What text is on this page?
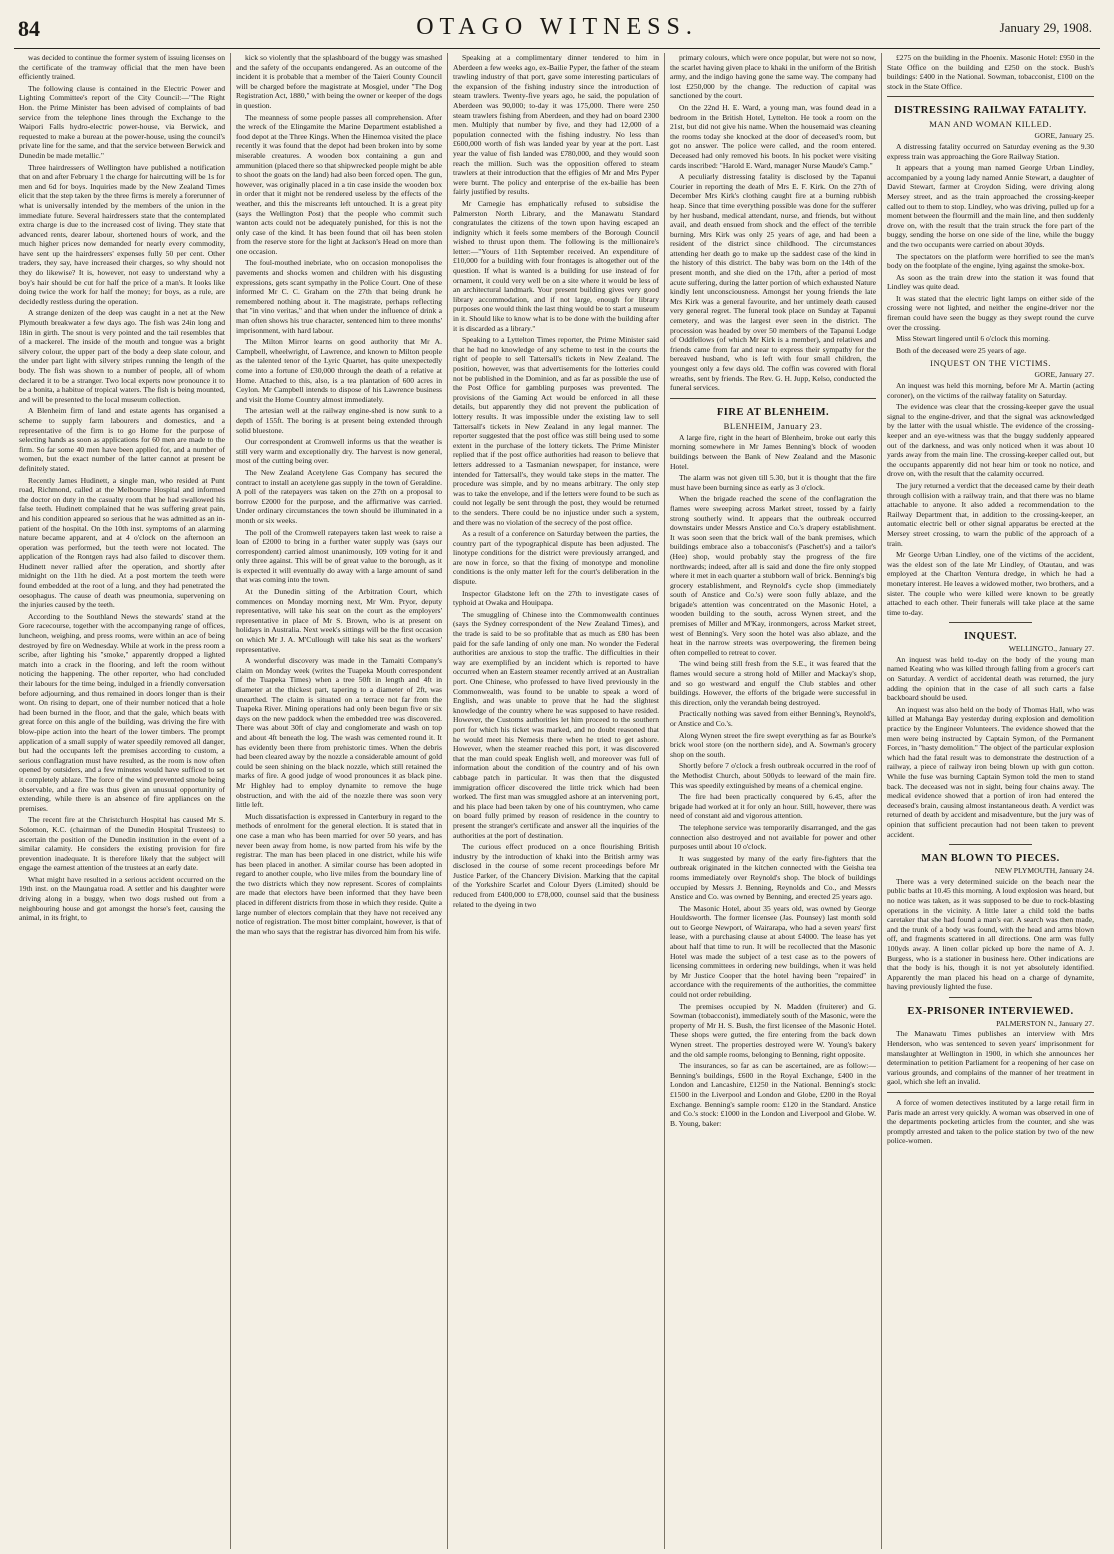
84	OTAGO WITNESS.	January 29, 1908.

was decided to continue the former system of issuing licenses on the certificate of the tramway official that the men have been efficiently trained.

The following clause is contained in the Electric Power and Lighting Committee's report of the City Council:—"The Right Hon. the Prime Minister has been advised of complaints of bad service from the telephone lines through the Exchange to the Waipori Falls hydro-electric power-house, via Berwick, and requested to make a bureau at the power-house, using the council's private line for the same, and that the service between Berwick and Dunedin be made metallic."

Three hairdressers of Wellington have published a notification that on and after February 1 the charge for haircutting will be 1s for men and 6d for boys. Inquiries made by the New Zealand Times elicit that the step taken by the three firms is merely a forerunner of what is universally intended by the members of the union in the immediate future. Several hairdressers state that the contemplated extra charge is due to the increased cost of living. They state that advanced rents, dearer labour, shortened hours of work, and the much higher prices now demanded for nearly every commodity, have sent up the hairdressers' expenses fully 50 per cent. Other traders, they say, have increased their charges, so why should not they do likewise? It is, however, not easy to understand why a boy's hair should be cut for half the price of a man's. It looks like doing twice the work for half the money; for boys, as a rule, are decidedly restless during the operation.

A strange denizen of the deep was caught in a net at the New Plymouth breakwater a few days ago. The fish was 24in long and 18in in girth. The snout is very pointed and the tail resembles that of a mackerel. The inside of the mouth and tongue was a bright silvery colour, the upper part of the body a deep slate colour, and the under part light with silvery stripes running the length of the body. The fish was shown to a number of people, all of whom declared it to be a stranger. Two local experts now pronounce it to be a bonita, a habitue of tropical waters. The fish is being mounted, and will be presented to the local museum collection.

A Blenheim firm of land and estate agents has organised a scheme to supply farm labourers and domestics, and a representative of the firm is to go Home for the purpose of selecting hands as soon as applications for 60 men are made to the firm. So far some 40 men have been applied for, and a number of women, but the exact number of the latter cannot at present be definitely stated.

Recently James Hudinett, a single man, who resided at Punt road, Richmond, called at the Melbourne Hospital and informed the doctor on duty in the casualty room that he had swallowed his false teeth. Hudinett complained that he was suffering great pain, and his condition appeared so serious that he was admitted as an in-patient of the hospital. On the 10th inst. symptoms of an alarming nature became apparent, and at 4 o'clock on the afternoon an operation was performed, but the teeth were not located. The application of the Rontgen rays had also failed to discover them. Hudinett never rallied after the operation, and shortly after midnight on the 11th he died. At a post mortem the teeth were found embedded at the root of a lung, and they had penetrated the oesophagus. The cause of death was pneumonia, supervening on the injuries caused by the teeth.

According to the Southland News the stewards' stand at the Gore racecourse, together with the accompanying range of offices, luncheon, weighing, and press rooms, were within an ace of being destroyed by fire on Wednesday. While at work in the press room a scribe, after lighting his "smoke," apparently dropped a lighted match into a crack in the flooring, and left the room without noticing the happening. The other reporter, who had concluded their labours for the time being, indulged in a friendly conversation before adjourning, and thus remained in doors longer than is their wont. On rising to depart, one of their number noticed that a hole had been burned in the floor, and that the gale, which beats with great force on this angle of the building, was driving the fire with blow-pipe action into the heart of the lower timbers. The prompt application of a small supply of water speedily removed all danger, but had the occupants left the premises according to custom, a serious conflagration must have resulted, as the room is now often opened by outsiders, and a few minutes would have sufficed to set it completely ablaze. The force of the wind prevented smoke being observable, and a fire was thus given an unusual opportunity of extending, while there is an absence of fire appliances on the premises.

The recent fire at the Christchurch Hospital has caused Mr S. Solomon, K.C. (chairman of the Dunedin Hospital Trustees) to ascertain the position of the Dunedin institution in the event of a similar calamity. He considers the existing provision for fire prevention inadequate. It is therefore likely that the subject will engage the earnest attention of the trustees at an early date.

What might have resulted in a serious accident occurred on the 19th inst. on the Maungatua road. A settler and his daughter were driving along in a buggy, when two dogs rushed out from a neighbouring house and got amongst the horse's feet, causing the animal, in its fright, to

kick so violently that the splashboard of the buggy was smashed and the safety of the occupants endangered. As an outcome of the incident it is probable that a member of the Taieri County Council will be charged before the magistrate at Mosgiel, under "The Dog Registration Act, 1880," with being the owner or keeper of the dogs in question.

The meanness of some people passes all comprehension. After the wreck of the Elingamite the Marine Department established a food depot at the Three Kings. When the Hinemoa visited the place recently it was found that the depot had been broken into by some miserable creatures. A wooden box containing a gun and ammunition (placed there so that shipwrecked people might be able to shoot the goats on the land) had also been forced open. The gun, however, was originally placed in a tin case inside the wooden box in order that it might not be rendered useless by the effects of the weather, and this the miscreants left untouched. It is a great pity (says the Wellington Post) that the people who commit such wanton acts could not be adequately punished, for this is not the only case of the kind. It has been found that oil has been stolen from the reserve store for the light at Jackson's Head on more than one occasion.

The foul-mouthed inebriate, who on occasion monopolises the pavements and shocks women and children with his disgusting expressions, gets scant sympathy in the Police Court. One of these informed Mr C. C. Graham on the 27th that being drunk he remembered nothing about it. The magistrate, perhaps reflecting that "in vino veritas," and that when under the influence of drink a man often shows his true character, sentenced him to three months' imprisonment, with hard labour.

The Milton Mirror learns on good authority that Mr A. Campbell, wheelwright, of Lawrence, and known to Milton people as the talented tenor of the Lyric Quartet, has quite unexpectedly come into a fortune of £30,000 through the death of a relative at Home. Attached to this, also, is a tea plantation of 600 acres in Ceylon. Mr Campbell intends to dispose of his Lawrence business and visit the Home Country almost immediately.

The artesian well at the railway engine-shed is now sunk to a depth of 155ft. The boring is at present being extended through solid bluestone.

Our correspondent at Cromwell informs us that the weather is still very warm and exceptionally dry. The harvest is now general, most of the cutting being over.

The New Zealand Acetylene Gas Company has secured the contract to install an acetylene gas supply in the town of Geraldine. A poll of the ratepayers was taken on the 27th on a proposal to borrow £2000 for the purpose, and the affirmative was carried. Under ordinary circumstances the town should be illuminated in a month or six weeks.

The poll of the Cromwell ratepayers taken last week to raise a loan of £2000 to bring in a further water supply was (says our correspondent) carried almost unanimously, 109 voting for it and only three against. This will be of great value to the borough, as it is expected it will eventually do away with a large amount of sand that was coming into the town.

At the Dunedin sitting of the Arbitration Court, which commences on Monday morning next, Mr Wm. Pryor, deputy representative, will take his seat on the court as the employers' representative in place of Mr S. Brown, who is at present on holidays in Australia. Next week's sittings will be the first occasion on which Mr J. A. M'Cullough will take his seat as the workers' representative.

A wonderful discovery was made in the Tamaiti Company's claim on Monday week (writes the Tuapeka Mouth correspondent of the Tuapeka Times) when a tree 50ft in length and 4ft in diameter at the thickest part, tapering to a diameter of 2ft, was unearthed. The claim is situated on a terrace not far from the Tuapeka River. Mining operations had only been begun five or six days on the new paddock when the embedded tree was discovered. There was about 30ft of clay and conglomerate and wash on top and about 4ft beneath the log. The wash was cemented round it. It has evidently been there from prehistoric times. When the debris had been cleared away by the nozzle a considerable amount of gold could be seen shining on the black nozzle, which still retained the marks of fire. A good judge of wood pronounces it as black pine. Mr Highley had to employ dynamite to remove the huge obstruction, and with the aid of the nozzle there was soon very little left.

Much dissatisfaction is expressed in Canterbury in regard to the methods of enrolment for the general election. It is stated that in one case a man who has been married for over 50 years, and has never been away from home, is now parted from his wife by the registrar. The man has been placed in one district, while his wife has been placed in another. A similar course has been adopted in regard to another couple, who live miles from the boundary line of the two districts which they now represent. Scores of complaints are made that electors have been informed that they have been placed in different districts from those in which they reside. Quite a large number of electors complain that they have not received any notice of registration. The most bitter complaint, however, is that of the man who says that the registrar has divorced him from his wife.

Speaking at a complimentary dinner tendered to him in Aberdeen a few weeks ago, ex-Bailie Pyper, the father of the steam trawling industry of that port, gave some interesting particulars of the expansion of the fishing industry since the introduction of steam trawlers. Twenty-five years ago, he said, the population of Aberdeen was 90,000; to-day it was 175,000. There were 250 steam trawlers fishing from Aberdeen, and they had on board 2300 men. Multiply that number by five, and they had 12,000 of a population connected with the fishing industry. No less than £600,000 worth of fish was landed year by year at the port. Last year the value of fish landed was £780,000, and they would soon reach the million. Such was the opposition offered to steam trawlers at their introduction that the effigies of Mr and Mrs Pyper were burnt. The policy and enterprise of the ex-bailie has been fairly justified by results.

Mr Carnegie has emphatically refused to subsidise the Palmerston North Library, and the Manawatu Standard congratulates the citizens of the town upon having escaped an indignity which it feels some members of the Borough Council wished to thrust upon them. The following is the millionaire's letter:—"Yours of 11th September received. An expenditure of £10,000 for a building with four frontages is altogether out of the question. If what is wanted is a building for use instead of for ornament, it could very well be on a site where it would be less of an architectural landmark. Your present building gives very good library accommodation, and if not large, enough for library purposes one would think the last thing would be to start a museum in it. Should like to know what is to be done with the building after it is discarded as a library."

Speaking to a Lyttelton Times reporter, the Prime Minister said that he had no knowledge of any scheme to test in the courts the right of people to sell Tattersall's tickets in New Zealand. The position, however, was that advertisements for the lotteries could not be published in the Dominion, and as far as possible the use of the Post Office for gambling purposes was prevented. The provisions of the Gaming Act would be enforced in all these details, but apparently they did not prevent the publication of lottery results. It was impossible under the existing law to sell Tattersall's tickets in New Zealand in any legal manner. The reporter suggested that the post office was still being used to some extent in the purchase of the lottery tickets. The Prime Minister replied that if the post office authorities had reason to believe that letters addressed to a Tasmanian newspaper, for instance, were intended for Tattersall's, they would take steps in the matter. The procedure was simple, and by no means arbitrary. The only step was to take the envelope, and if the letters were found to be such as could not legally be sent through the post, they would be returned to the senders. There could be no injustice under such a system, and there was no violation of the secrecy of the post office.

As a result of a conference on Saturday between the parties, the country part of the typographical dispute has been adjusted. The linotype conditions for the district were previously arranged, and are now in force, so that the fixing of monotype and monoline conditions is the only matter left for the court's deliberation in the dispute.

Inspector Gladstone left on the 27th to investigate cases of typhoid at Owaka and Houipapa.

The smuggling of Chinese into the Commonwealth continues (says the Sydney correspondent of the New Zealand Times), and the trade is said to be so profitable that as much as £80 has been paid for the safe landing of only one man. No wonder the Federal authorities are anxious to stop the traffic. The difficulties in their way are exemplified by an incident which is reported to have occurred when an Eastern steamer recently arrived at an Australian port. One Chinese, who professed to have lived previously in the Commonwealth, was found to be unable to speak a word of English, and was unable to prove that he had the slightest knowledge of the country where he was supposed to have resided. However, the Customs authorities let him proceed to the southern port for which his ticket was marked, and no doubt reasoned that he would meet his Nemesis there when he tried to get ashore. However, when the steamer reached this port, it was discovered that the man could speak English well, and moreover was full of information about the condition of the country and of his own cabbage patch in particular. It was then that the disgusted immigration officer discovered the little trick which had been worked. The first man was smuggled ashore at an intervening port, and his place had been taken by one of his countrymen, who came on board fully primed by reason of residence in the country to present the stranger's certificate and answer all the inquiries of the authorities at the port of destination.

The curious effect produced on a once flourishing British industry by the introduction of khaki into the British army was disclosed in the course of some recent proceedings before Mr Justice Parker, of the Chancery Division. Marking that the capital of the Yorkshire Scarlet and Colour Dyers (Limited) should be reduced from £400,000 to £78,000, counsel said that the business related to the dyeing in two

primary colours, which were once popular, but were not so now, the scarlet having given place to khaki in the uniform of the British army, and the indigo having gone the same way. The company had lost £250,000 by the change. The reduction of capital was sanctioned by the court.

On the 22nd H. E. Ward, a young man, was found dead in a bedroom in the British Hotel, Lyttelton. He took a room on the 21st, but did not give his name. When the housemaid was cleaning the rooms today she knocked at the door of deceased's room, but got no answer. The police were called, and the room entered. Deceased had only removed his boots. In his pocket were visiting cards inscribed: "Harold E. Ward, manager Nurse Maude's Camp."

A peculiarly distressing fatality is disclosed by the Tapanui Courier in reporting the death of Mrs E. F. Kirk. On the 27th of December Mrs Kirk's clothing caught fire at a burning rubbish heap. Since that time everything possible was done for the sufferer by her husband, medical attendant, nurse, and friends, but without avail, and death ensued from shock and the effect of the terrible burning. Mrs Kirk was only 25 years of age, and had been a resident of the district since childhood. The circumstances attending her death go to make up the saddest case of the kind in the history of this district. The baby was born on the 14th of the present month, and she died on the 17th, after a period of most acute suffering, during the latter portion of which exhausted Nature kindly lent unconsciousness. Amongst her young friends the late Mrs Kirk was a general favourite, and her untimely death caused very general regret. The funeral took place on Sunday at Tapanui cemetery, and was the largest ever seen in the district. The procession was headed by over 50 members of the Tapanui Lodge of Oddfellows (of which Mr Kirk is a member), and relatives and friends came from far and near to express their sympathy for the bereaved husband, who is left with four small children, the youngest only a few days old. The coffin was covered with floral wreaths, sent by friends. The Rev. G. H. Jupp, Kelso, conducted the funeral services.

FIRE AT BLENHEIM.
BLENHEIM, January 23.

A large fire, right in the heart of Blenheim, broke out early this morning somewhere in Mr James Benning's block of wooden buildings between the Bank of New Zealand and the Masonic Hotel.

The alarm was not given till 5.30, but it is thought that the fire must have been burning since as early as 3 o'clock.

When the brigade reached the scene of the conflagration the flames were sweeping across Market street, tossed by a fairly strong southerly wind. It appears that the outbreak occurred downstairs under Messrs Anstice and Co.'s drapery establishment. It was soon seen that the brick wall of the bank premises, which buildings embrace also a tobacconist's (Paschett's) and a tailor's (Hee) shop, would probably stay the progress of the fire northwards; indeed, after all is said and done the fire only stopped where it met in each quarter a stubborn wall of brick. Benning's big grocery establishment, and Reynold's cycle shop (immediately south of Anstice and Co.'s) were soon fully ablaze, and the brigade's attention was concentrated on the Masonic Hotel, a wooden building to the south, across Wynen street, and the premises of Miller and M'Kay, ironmongers, across Market street, west of Benning's. Very soon the hotel was also ablaze, and the heat in the narrow streets was overpowering, the firemen being often compelled to retreat to cover.

The wind being still fresh from the S.E., it was feared that the flames would secure a strong hold of Miller and Mackay's shop, and so go westward and engulf the Club stables and other buildings. However, the efforts of the brigade were successful in this direction, only the verandah being destroyed.

Practically nothing was saved from either Benning's, Reynold's, or Anstice and Co.'s.

Along Wynen street the fire swept everything as far as Bourke's brick wool store (on the northern side), and A. Sowman's grocery shop on the south.

Shortly before 7 o'clock a fresh outbreak occurred in the roof of the Methodist Church, about 500yds to leeward of the main fire. This was speedily extinguished by means of a chemical engine.

The fire had been practically conquered by 6.45, after the brigade had worked at it for only an hour. Still, however, there was need of constant aid and vigorous attention.

The telephone service was temporarily disarranged, and the gas connection also destroyed and not available for power and other purposes until about 10 o'clock.

It was suggested by many of the early fire-fighters that the outbreak originated in the kitchen connected with the Geisha tea rooms immediately over Reynold's shop. The block of buildings occupied by Messrs J. Benning, Reynolds and Co., and Messrs Anstice and Co. was owned by Benning, and erected 25 years ago.

The Masonic Hotel, about 35 years old, was owned by George Houldsworth. The former licensee (Jas. Pounsey) last month sold out to George Newport, of Wairarapa, who had a seven years' first lease, with a purchasing clause at about £4000. The lease has yet about half that time to run. It will be recollected that the Masonic Hotel was made the subject of a test case as to the powers of licensing committees in ordering new buildings, when it was held by Mr Justice Cooper that the hotel having been "repaired" in accordance with the requirements of the authorities, the committee could not order rebuilding.

The premises occupied by N. Madden (fruiterer) and G. Sowman (tobacconist), immediately south of the Masonic, were the property of Mr H. S. Bush, the first licensee of the Masonic Hotel. These shops were gutted, the fire entering from the back down Wynen street. The properties destroyed were W. Young's bakery and the old sample rooms, belonging to Benning, right opposite.

The insurances, so far as can be ascertained, are as follow:—Benning's buildings, £600 in the Royal Exchange, £400 in the London and Lancashire, £1250 in the National. Benning's stock: £1500 in the Liverpool and London and Globe, £200 in the Royal Exchange. Benning's sample room: £120 in the Standard. Anstice and Co.'s stock: £1000 in the London and Liverpool and Globe. W. B. Young, baker:

£275 on the building in the Phoenix. Masonic Hotel: £950 in the State Office on the building and £250 on the stock. Bush's buildings: £400 in the National. Sowman, tobacconist, £100 on the stock in the State Office.

DISTRESSING RAILWAY FATALITY.
MAN AND WOMAN KILLED.
GORE, January 25.

A distressing fatality occurred on Saturday evening as the 9.30 express train was approaching the Gore Railway Station.

It appears that a young man named George Urban Lindley, accompanied by a young lady named Annie Stewart, a daughter of David Stewart, farmer at Croydon Siding, were driving along Mersey street, and as the train approached the crossing-keeper called out to them to stop. Lindley, who was driving, pulled up for a moment between the flourmill and the main line, and then suddenly drove on, with the result that the train struck the fore part of the buggy, sending the horse on one side of the line, while the buggy and the two occupants were carried on about 30yds.

The spectators on the platform were horrified to see the man's body on the footplate of the engine, lying against the smoke-box.

As soon as the train drew into the station it was found that Lindley was quite dead.

It was stated that the electric light lamps on either side of the crossing were not lighted, and neither the engine-driver nor the fireman could have seen the buggy as they swept round the curve over the crossing.

Miss Stewart lingered until 6 o'clock this morning.

Both of the deceased were 25 years of age.

INQUEST ON THE VICTIMS.
GORE, January 27.

An inquest was held this morning, before Mr A. Martin (acting coroner), on the victims of the railway fatality on Saturday.

The evidence was clear that the crossing-keeper gave the usual signal to the engine-driver, and that the signal was acknowledged by the latter with the usual whistle. The evidence of the crossing-keeper and an eye-witness was that the buggy suddenly appeared out of the darkness, and was only noticed when it was about 10 yards away from the main line. The crossing-keeper called out, but the occupants apparently did not hear him or took no notice, and drove on, with the result that the calamity occurred.

The jury returned a verdict that the deceased came by their death through collision with a railway train, and that there was no blame attachable to anyone. It also added a recommendation to the Railway Department that, in addition to the crossing-keeper, an automatic electric bell or other signal apparatus be erected at the Mersey street crossing, to warn the public of the approach of a train.

Mr George Urban Lindley, one of the victims of the accident, was the eldest son of the late Mr Lindley, of Otautau, and was employed at the Charlton Ventura dredge, in which he had a monetary interest. He leaves a widowed mother, two brothers, and a sister. The couple who were killed were known to be greatly attached to each other. Their funerals will take place at the same time to-day.

INQUEST.
WELLINGTO., January 27.

An inquest was held to-day on the body of the young man named Keating who was killed through falling from a grocer's cart on Saturday. A verdict of accidental death was returned, the jury adding the opinion that in the case of all such carts a false backboard should be used.

An inquest was also held on the body of Thomas Hall, who was killed at Mahanga Bay yesterday during explosion and demolition practice by the Engineer Volunteers. The evidence showed that the men were being instructed by Captain Symon, of the Permanent Forces, in "hasty demolition." The object of the particular explosion which had the fatal result was to demonstrate the destruction of a railway, a piece of railway iron being blown up with gun cotton. While the fuse was burning Captain Symon told the men to stand back. The deceased was not in sight, being four chains away. The medical evidence showed that a portion of iron had entered the deceased's brain, causing almost instantaneous death. A verdict was returned of death by accident and misadventure, but the jury was of opinion that sufficient precaution had not been taken to prevent accident.

MAN BLOWN TO PIECES.
NEW PLYMOUTH, January 24.

There was a very determined suicide on the beach near the public baths at 10.45 this morning. A loud explosion was heard, but no notice was taken, as it was supposed to be due to rock-blasting operations in the vicinity. A little later a child told the baths caretaker that she had found a man's ear. A search was then made, and the trunk of a body was found, with the head and arms blown off, and fragments scattered in all directions. One arm was fully 100yds away. A linen collar picked up bore the name of A. J. Burgess, who is a stationer in business here. Other indications are that the body is his, though it is not yet absolutely identified. Apparently the man placed his head on a charge of dynamite, having previously lighted the fuse.

EX-PRISONER INTERVIEWED.
PALMERSTON N., January 27.

The Manawatu Times publishes an interview with Mrs Henderson, who was sentenced to seven years' imprisonment for manslaughter at Wellington in 1900, in which she announces her determination to petition Parliament for a reopening of her case on various grounds, and complains of the manner of her treatment in gaol, which she left an invalid.

A force of women detectives instituted by a large retail firm in Paris made an arrest very quickly. A woman was observed in one of the departments pocketing articles from the counter, and she was promptly arrested and taken to the police station by two of the new police-women.
